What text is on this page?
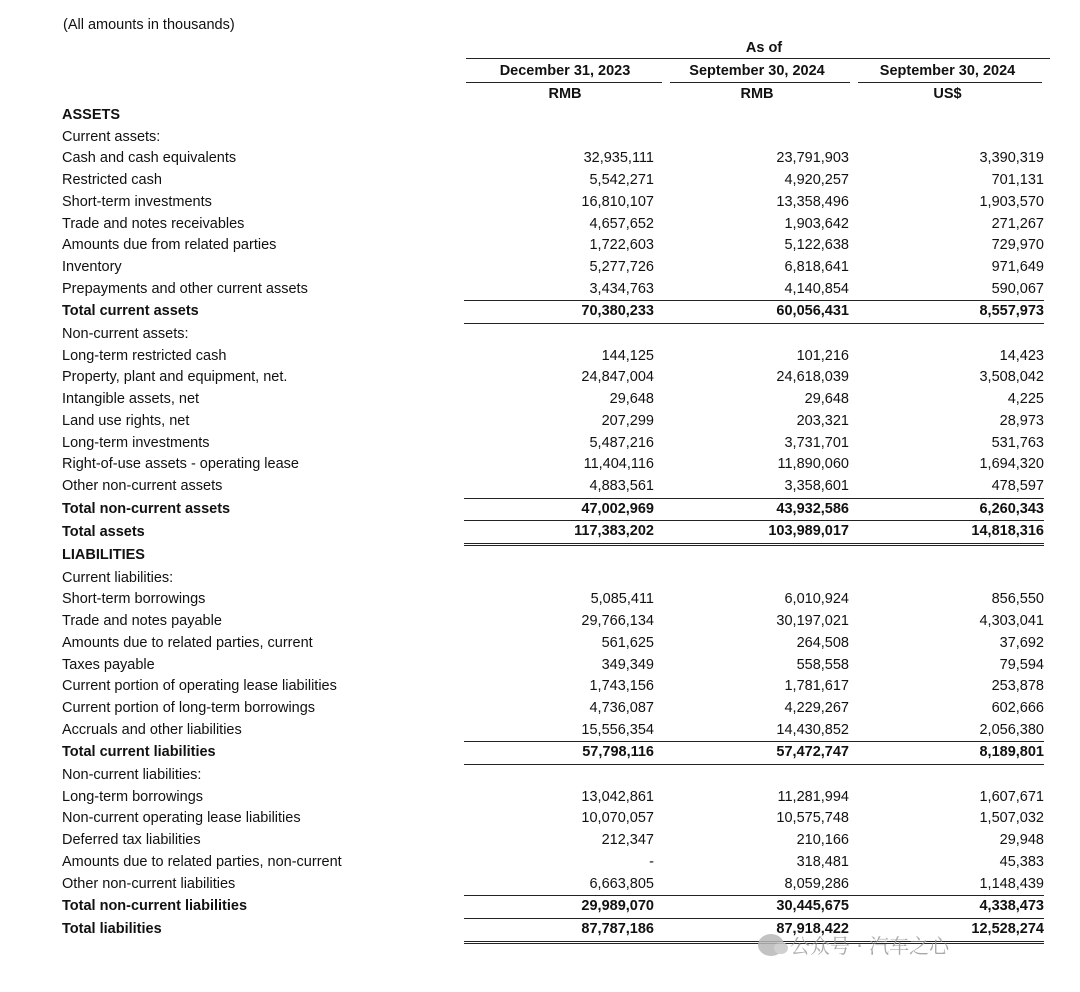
(All amounts in thousands)
As of
December 31, 2023	September 30, 2024	September 30, 2024
RMB	RMB	US$
ASSETS			
Current assets:			
Cash and cash equivalents	32,935,111	23,791,903	3,390,319
Restricted cash	5,542,271	4,920,257	701,131
Short-term investments	16,810,107	13,358,496	1,903,570
Trade and notes receivables	4,657,652	1,903,642	271,267
Amounts due from related parties	1,722,603	5,122,638	729,970
Inventory	5,277,726	6,818,641	971,649
Prepayments and other current assets	3,434,763	4,140,854	590,067
Total current assets	70,380,233	60,056,431	8,557,973
Non-current assets:			
Long-term restricted cash	144,125	101,216	14,423
Property, plant and equipment, net.	24,847,004	24,618,039	3,508,042
Intangible assets, net	29,648	29,648	4,225
Land use rights, net	207,299	203,321	28,973
Long-term investments	5,487,216	3,731,701	531,763
Right-of-use assets - operating lease	11,404,116	11,890,060	1,694,320
Other non-current assets	4,883,561	3,358,601	478,597
Total non-current assets	47,002,969	43,932,586	6,260,343
Total assets	117,383,202	103,989,017	14,818,316
LIABILITIES			
Current liabilities:			
Short-term borrowings	5,085,411	6,010,924	856,550
Trade and notes payable	29,766,134	30,197,021	4,303,041
Amounts due to related parties, current	561,625	264,508	37,692
Taxes payable	349,349	558,558	79,594
Current portion of operating lease liabilities	1,743,156	1,781,617	253,878
Current portion of long-term borrowings	4,736,087	4,229,267	602,666
Accruals and other liabilities	15,556,354	14,430,852	2,056,380
Total current liabilities	57,798,116	57,472,747	8,189,801
Non-current liabilities:			
Long-term borrowings	13,042,861	11,281,994	1,607,671
Non-current operating lease liabilities	10,070,057	10,575,748	1,507,032
Deferred tax liabilities	212,347	210,166	29,948
Amounts due to related parties, non-current	-	318,481	45,383
Other non-current liabilities	6,663,805	8,059,286	1,148,439
Total non-current liabilities	29,989,070	30,445,675	4,338,473
Total liabilities	87,787,186	87,918,422	12,528,274
公众号 · 汽车之心
